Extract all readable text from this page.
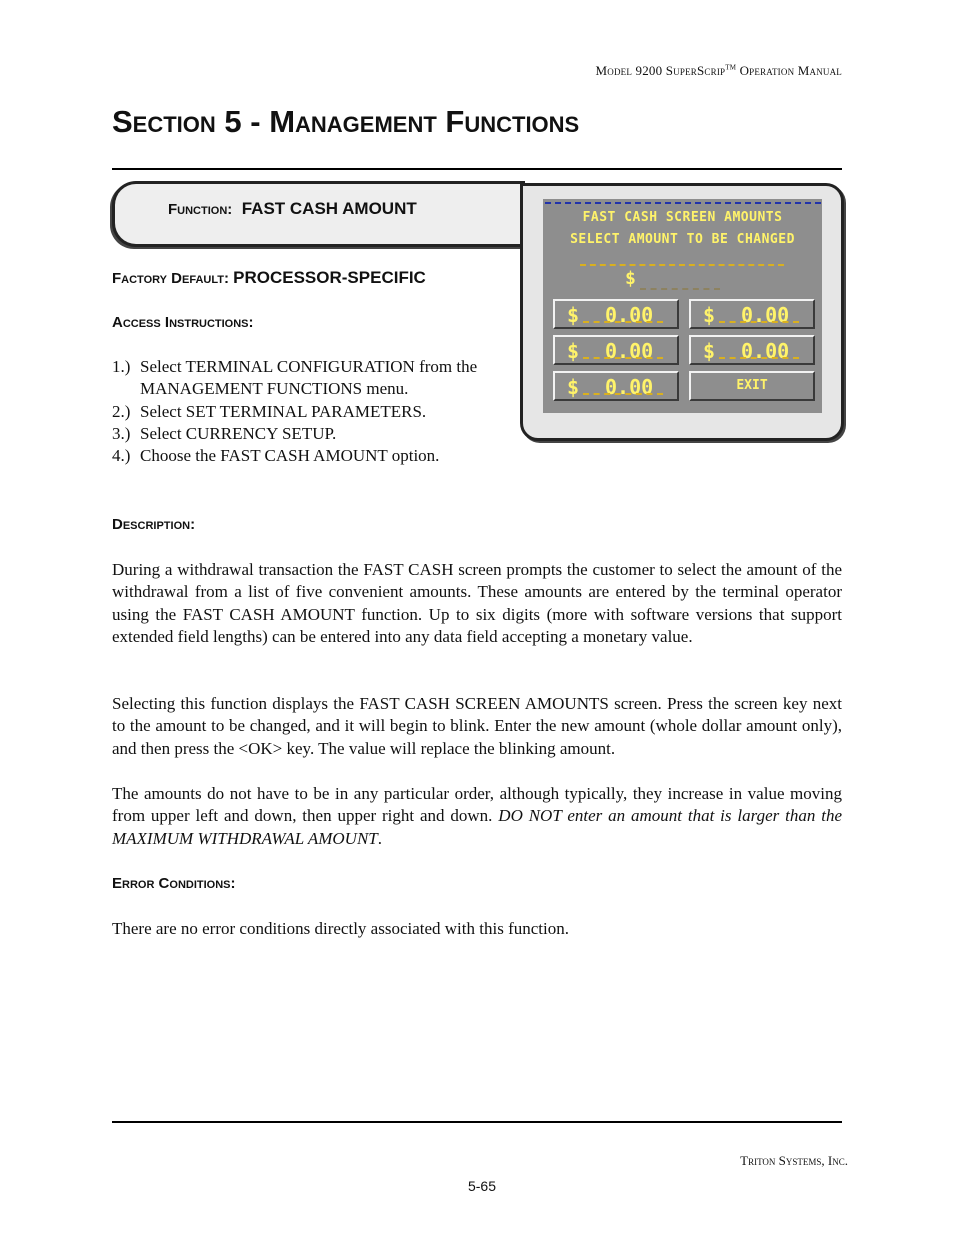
Model 9200 SuperScrip™ Operation Manual
Section 5 - Management Functions
Function: FAST CASH AMOUNT	FAST CASH SCREEN AMOUNTS
SELECT AMOUNT TO BE CHANGED
$
$ 0.00
$ 0.00
$ 0.00
$ 0.00
$ 0.00
EXIT
Factory Default: PROCESSOR-SPECIFIC
Access Instructions:
1.) Select TERMINAL CONFIGURATION from the MANAGEMENT FUNCTIONS menu.
2.) Select SET TERMINAL PARAMETERS.
3.) Select CURRENCY SETUP.
4.) Choose the FAST CASH AMOUNT option.
Description:

During a withdrawal transaction the FAST CASH screen prompts the customer to select the amount of the withdrawal from a list of five convenient amounts. These amounts are entered by the terminal operator using the FAST CASH AMOUNT function. Up to six digits (more with software versions that support extended field lengths) can be entered into any data field accepting a monetary value.

Selecting this function displays the FAST CASH SCREEN AMOUNTS screen. Press the screen key next to the amount to be changed, and it will begin to blink. Enter the new amount (whole dollar amount only), and then press the <OK> key. The value will replace the blinking amount.

The amounts do not have to be in any particular order, although typically, they increase in value moving from upper left and down, then upper right and down. DO NOT enter an amount that is larger than the MAXIMUM WITHDRAWAL AMOUNT.

Error Conditions:

There are no error conditions directly associated with this function.

Triton Systems, Inc.
5-65
